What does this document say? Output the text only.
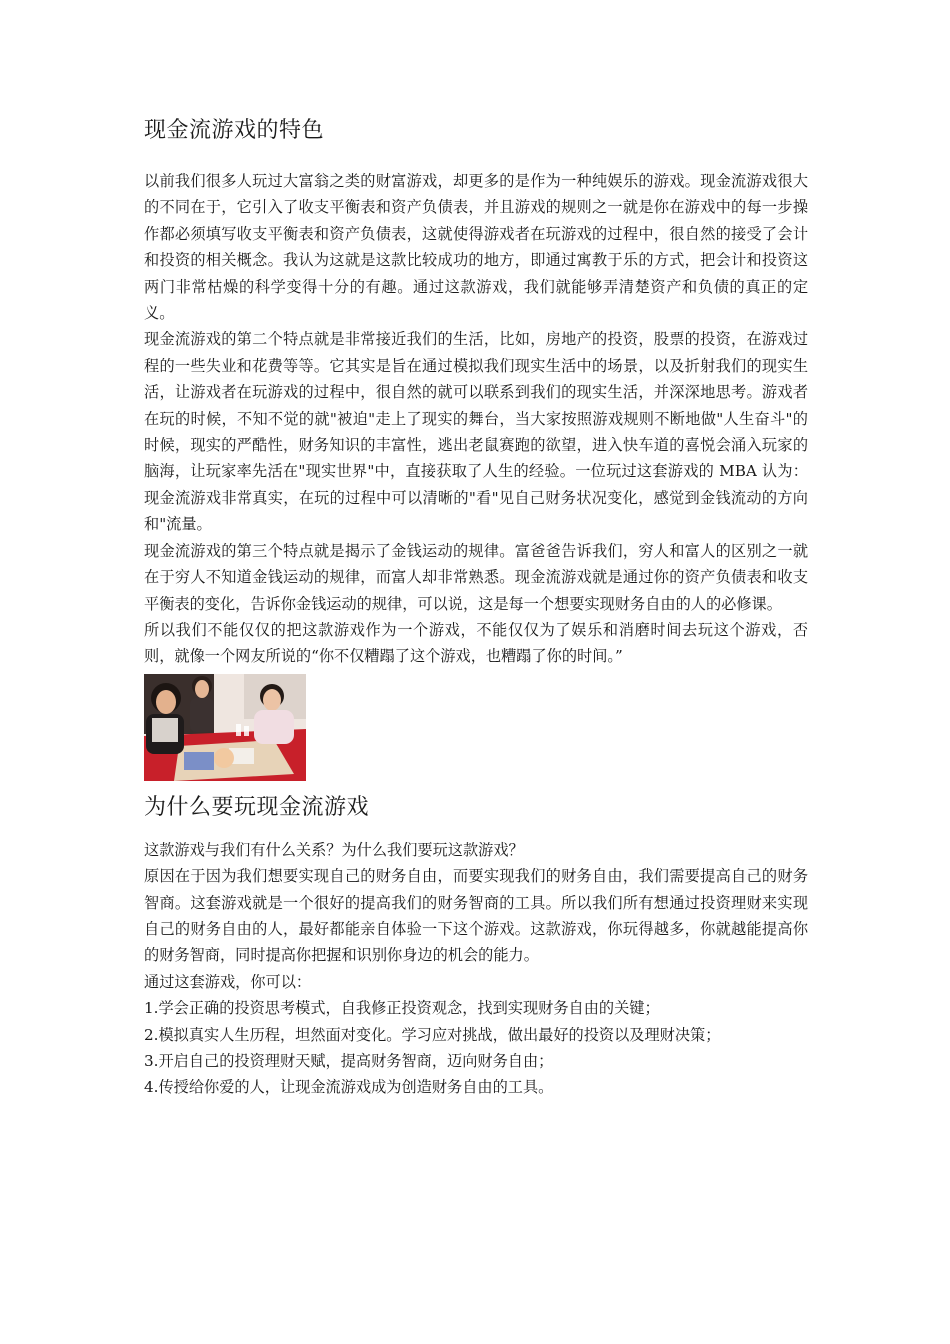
现金流游戏的特色

以前我们很多人玩过大富翁之类的财富游戏，却更多的是作为一种纯娱乐的游戏。现金流游戏很大的不同在于，它引入了收支平衡表和资产负债表，并且游戏的规则之一就是你在游戏中的每一步操作都必须填写收支平衡表和资产负债表，这就使得游戏者在玩游戏的过程中，很自然的接受了会计和投资的相关概念。我认为这就是这款比较成功的地方，即通过寓教于乐的方式，把会计和投资这两门非常枯燥的科学变得十分的有趣。通过这款游戏，我们就能够弄清楚资产和负债的真正的定义。

现金流游戏的第二个特点就是非常接近我们的生活，比如，房地产的投资，股票的投资，在游戏过程的一些失业和花费等等。它其实是旨在通过模拟我们现实生活中的场景，以及折射我们的现实生活，让游戏者在玩游戏的过程中，很自然的就可以联系到我们的现实生活，并深深地思考。游戏者在玩的时候，不知不觉的就"被迫"走上了现实的舞台，当大家按照游戏规则不断地做"人生奋斗"的时候，现实的严酷性，财务知识的丰富性，逃出老鼠赛跑的欲望，进入快车道的喜悦会涌入玩家的脑海，让玩家率先活在"现实世界"中，直接获取了人生的经验。一位玩过这套游戏的 MBA 认为：现金流游戏非常真实，在玩的过程中可以清晰的"看"见自己财务状况变化，感觉到金钱流动的方向和"流量。

现金流游戏的第三个特点就是揭示了金钱运动的规律。富爸爸告诉我们，穷人和富人的区别之一就在于穷人不知道金钱运动的规律，而富人却非常熟悉。现金流游戏就是通过你的资产负债表和收支平衡表的变化，告诉你金钱运动的规律，可以说，这是每一个想要实现财务自由的人的必修课。

所以我们不能仅仅的把这款游戏作为一个游戏，不能仅仅为了娱乐和消磨时间去玩这个游戏，否则，就像一个网友所说的“你不仅糟蹋了这个游戏，也糟蹋了你的时间。”

为什么要玩现金流游戏

这款游戏与我们有什么关系？为什么我们要玩这款游戏？

原因在于因为我们想要实现自己的财务自由，而要实现我们的财务自由，我们需要提高自己的财务智商。这套游戏就是一个很好的提高我们的财务智商的工具。所以我们所有想通过投资理财来实现自己的财务自由的人，最好都能亲自体验一下这个游戏。这款游戏，你玩得越多，你就越能提高你的财务智商，同时提高你把握和识别你身边的机会的能力。

通过这套游戏，你可以：

1.学会正确的投资思考模式，自我修正投资观念，找到实现财务自由的关键；

2.模拟真实人生历程，坦然面对变化。学习应对挑战，做出最好的投资以及理财决策；

3.开启自己的投资理财天赋，提高财务智商，迈向财务自由；

4.传授给你爱的人，让现金流游戏成为创造财务自由的工具。
